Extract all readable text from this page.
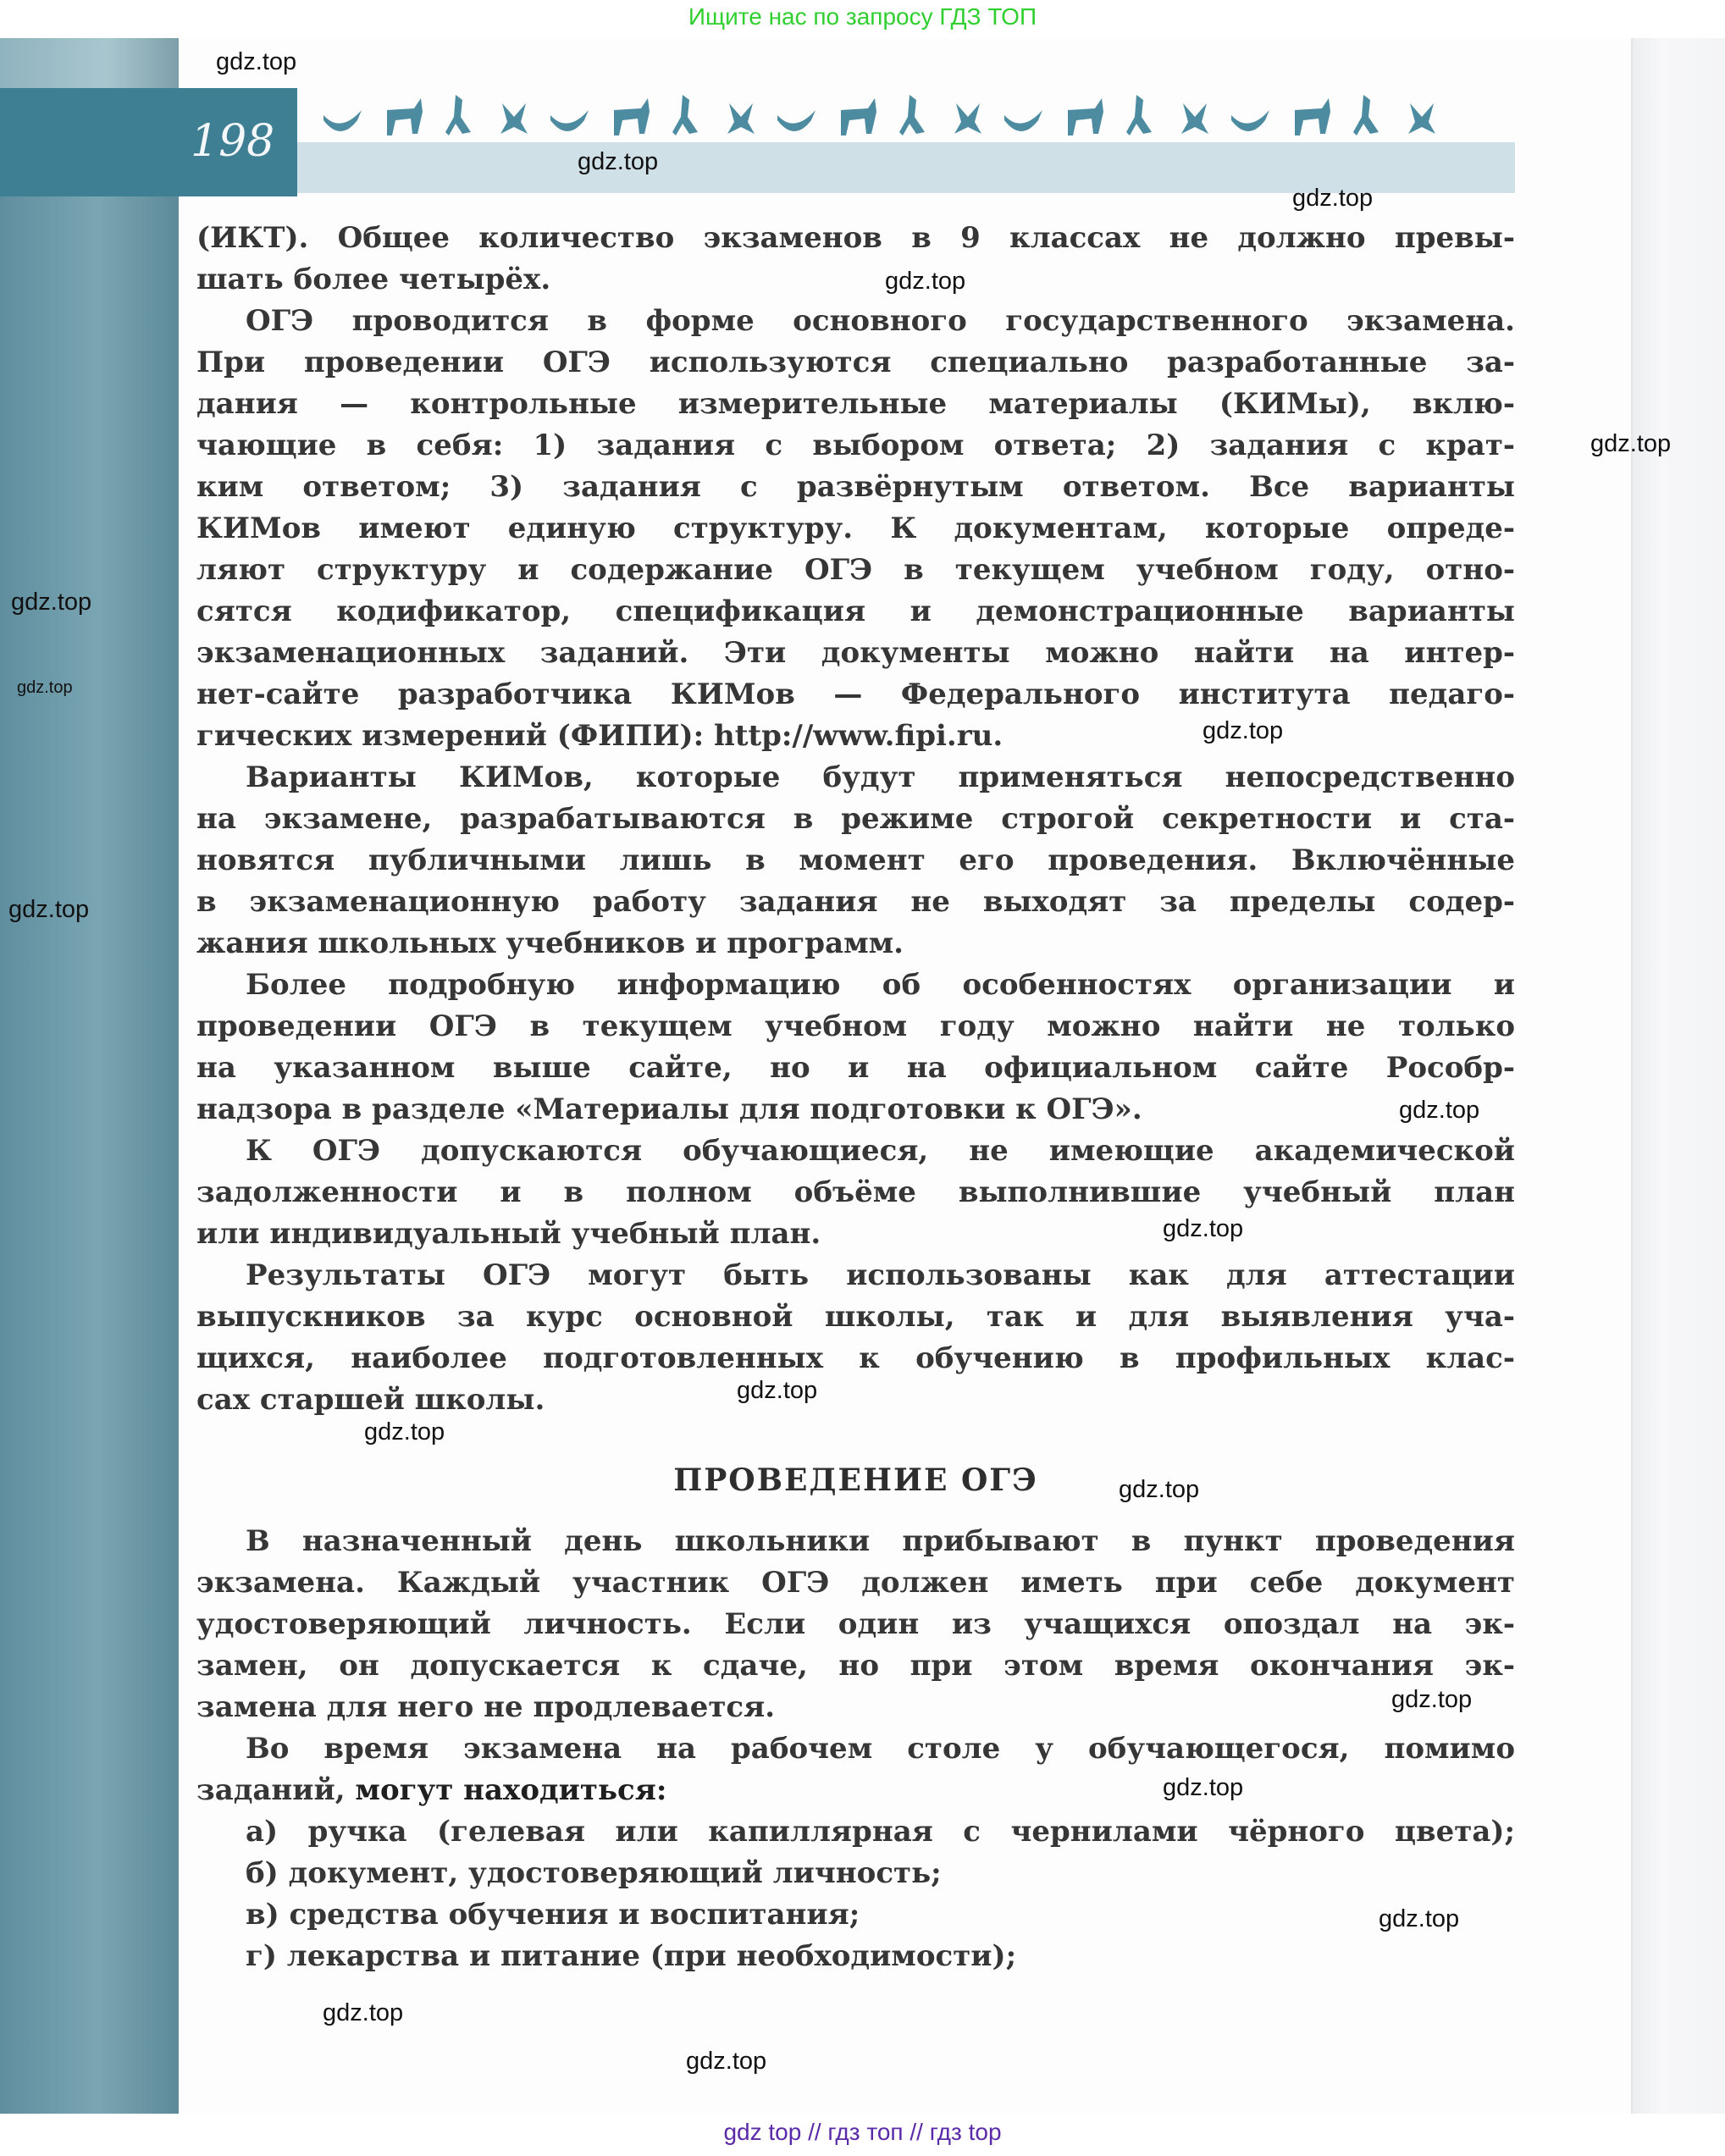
Ищите нас по запросу ГДЗ ТОП
198
(ИКТ). Общее количество экзаменов в 9 классах не должно превы-
шать более четырёх.
ОГЭ проводится в форме основного государственного экзамена.
При проведении ОГЭ используются специально разработанные за-
дания — контрольные измерительные материалы (КИМы), вклю-
чающие в себя: 1) задания с выбором ответа; 2) задания с крат-
ким ответом; 3) задания с развёрнутым ответом. Все варианты
КИМов имеют единую структуру. К документам, которые опреде-
ляют структуру и содержание ОГЭ в текущем учебном году, отно-
сятся кодификатор, спецификация и демонстрационные варианты
экзаменационных заданий. Эти документы можно найти на интер-
нет-сайте разработчика КИМов — Федерального института педаго-
гических измерений (ФИПИ): http://www.fipi.ru.
Варианты КИМов, которые будут применяться непосредственно
на экзамене, разрабатываются в режиме строгой секретности и ста-
новятся публичными лишь в момент его проведения. Включённые
в экзаменационную работу задания не выходят за пределы содер-
жания школьных учебников и программ.
Более подробную информацию об особенностях организации и
проведении ОГЭ в текущем учебном году можно найти не только
на указанном выше сайте, но и на официальном сайте Рособр-
надзора в разделе «Материалы для подготовки к ОГЭ».
К ОГЭ допускаются обучающиеся, не имеющие академической
задолженности и в полном объёме выполнившие учебный план
или индивидуальный учебный план.
Результаты ОГЭ могут быть использованы как для аттестации
выпускников за курс основной школы, так и для выявления уча-
щихся, наиболее подготовленных к обучению в профильных клас-
сах старшей школы.
ПРОВЕДЕНИЕ ОГЭ
В назначенный день школьники прибывают в пункт проведения
экзамена. Каждый участник ОГЭ должен иметь при себе документ
удостоверяющий личность. Если один из учащихся опоздал на эк-
замен, он допускается к сдаче, но при этом время окончания эк-
замена для него не продлевается.
Во время экзамена на рабочем столе у обучающегося, помимо
заданий, могут находиться:
а) ручка (гелевая или капиллярная с чернилами чёрного цвета);
б) документ, удостоверяющий личность;
в) средства обучения и воспитания;
г) лекарства и питание (при необходимости);
gdz.top
gdz.top
gdz.top
gdz.top
gdz.top
gdz.top
gdz.top
gdz.top
gdz.top
gdz.top
gdz.top
gdz.top
gdz.top
gdz.top
gdz.top
gdz.top
gdz.top
gdz.top
gdz.top
gdz top // гдз топ // гдз top
